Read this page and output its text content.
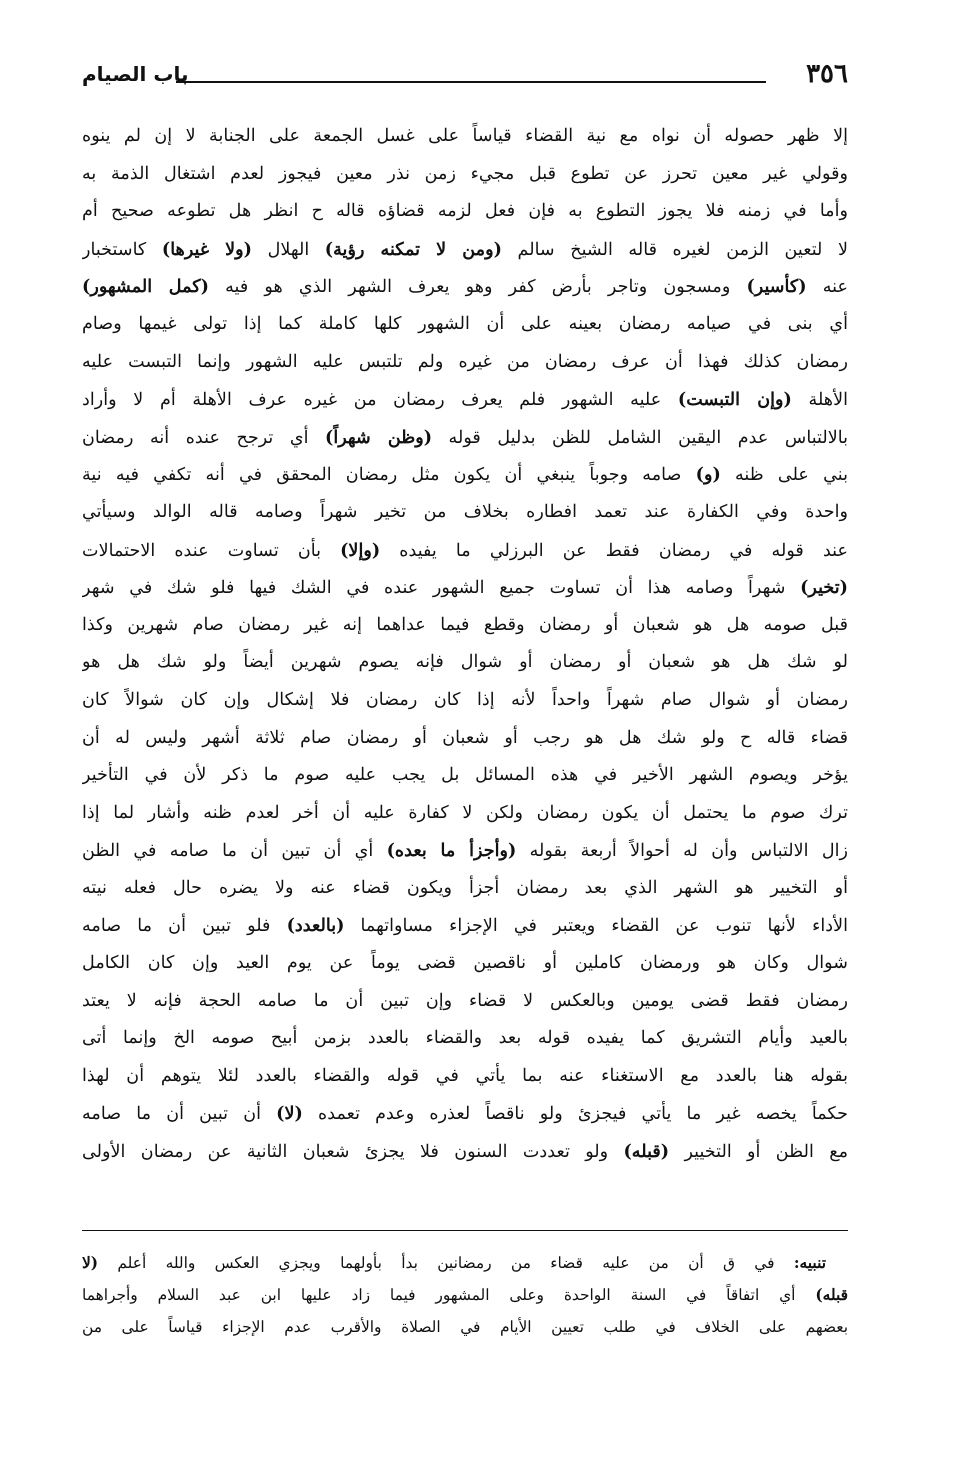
٣٥٦
باب الصيام
إلا ظهر حصوله أن نواه مع نية القضاء قياساً على غسل الجمعة على الجنابة لا إن لم ينوه
وقولي غير معين تحرز عن تطوع قبل مجيء زمن نذر معين فيجوز لعدم اشتغال الذمة به
وأما في زمنه فلا يجوز التطوع به فإن فعل لزمه قضاؤه قاله ح انظر هل تطوعه صحيح أم
لا لتعين الزمن لغيره قاله الشيخ سالم (ومن لا تمكنه رؤية) الهلال (ولا غيرها) كاستخبار
عنه (كأسير) ومسجون وتاجر بأرض كفر وهو يعرف الشهر الذي هو فيه (كمل المشهور)
أي بنى في صيامه رمضان بعينه على أن الشهور كلها كاملة كما إذا تولى غيمها وصام
رمضان كذلك فهذا أن عرف رمضان من غيره ولم تلتبس عليه الشهور وإنما التبست عليه
الأهلة (وإن التبست) عليه الشهور فلم يعرف رمضان من غيره عرف الأهلة أم لا وأراد
بالالتباس عدم اليقين الشامل للظن بدليل قوله (وظن شهراً) أي ترجح عنده أنه رمضان
بني على ظنه (و) صامه وجوباً ينبغي أن يكون مثل رمضان المحقق في أنه تكفي فيه نية
واحدة وفي الكفارة عند تعمد افطاره بخلاف من تخير شهراً وصامه قاله الوالد وسيأتي
عند قوله في رمضان فقط عن البرزلي ما يفيده (وإلا) بأن تساوت عنده الاحتمالات
(تخير) شهراً وصامه هذا أن تساوت جميع الشهور عنده في الشك فيها فلو شك في شهر
قبل صومه هل هو شعبان أو رمضان وقطع فيما عداهما إنه غير رمضان صام شهرين وكذا
لو شك هل هو شعبان أو رمضان أو شوال فإنه يصوم شهرين أيضاً ولو شك هل هو
رمضان أو شوال صام شهراً واحداً لأنه إذا كان رمضان فلا إشكال وإن كان شوالاً كان
قضاء قاله ح ولو شك هل هو رجب أو شعبان أو رمضان صام ثلاثة أشهر وليس له أن
يؤخر ويصوم الشهر الأخير في هذه المسائل بل يجب عليه صوم ما ذكر لأن في التأخير
ترك صوم ما يحتمل أن يكون رمضان ولكن لا كفارة عليه أن أخر لعدم ظنه وأشار لما إذا
زال الالتباس وأن له أحوالاً أربعة بقوله (وأجزأ ما بعده) أي أن تبين أن ما صامه في الظن
أو التخيير هو الشهر الذي بعد رمضان أجزأ ويكون قضاء عنه ولا يضره حال فعله نيته
الأداء لأنها تنوب عن القضاء ويعتبر في الإجزاء مساواتهما (بالعدد) فلو تبين أن ما صامه
شوال وكان هو ورمضان كاملين أو ناقصين قضى يوماً عن يوم العيد وإن كان الكامل
رمضان فقط قضى يومين وبالعكس لا قضاء وإن تبين أن ما صامه الحجة فإنه لا يعتد
بالعيد وأيام التشريق كما يفيده قوله بعد والقضاء بالعدد بزمن أبيح صومه الخ وإنما أتى
بقوله هنا بالعدد مع الاستغناء عنه بما يأتي في قوله والقضاء بالعدد لئلا يتوهم أن لهذا
حكماً يخصه غير ما يأتي فيجزئ ولو ناقصاً لعذره وعدم تعمده (لا) أن تبين أن ما صامه
مع الظن أو التخيير (قبله) ولو تعددت السنون فلا يجزئ شعبان الثانية عن رمضان الأولى
تنبيه: في ق أن من عليه قضاء من رمضانين بدأ بأولهما ويجزي العكس والله أعلم (لا
قبله) أي اتفاقاً في السنة الواحدة وعلى المشهور فيما زاد عليها ابن عبد السلام وأجراهما
بعضهم على الخلاف في طلب تعيين الأيام في الصلاة والأقرب عدم الإجزاء قياساً على من
